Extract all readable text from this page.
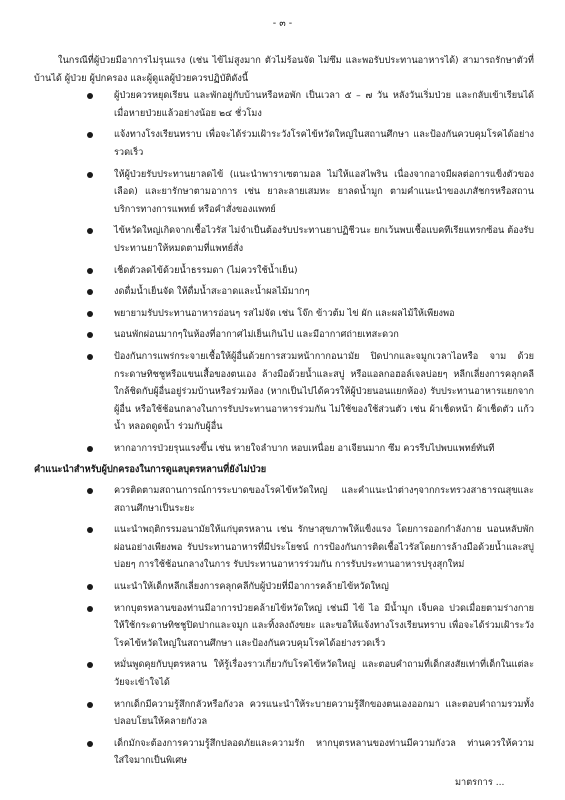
- ๓ -

ในกรณีที่ผู้ป่วยมีอาการไม่รุนแรง (เช่น ไข้ไม่สูงมาก ตัวไม่ร้อนจัด ไม่ซึม และพอรับประทานอาหารได้) สามารถรักษาตัวที่บ้านได้ ผู้ป่วย ผู้ปกครอง และผู้ดูแลผู้ป่วยควรปฏิบัติดังนี้

ผู้ป่วยควรหยุดเรียน และพักอยู่กับบ้านหรือหอพัก เป็นเวลา ๕ – ๗ วัน หลังวันเริ่มป่วย และกลับเข้าเรียนได้เมื่อหายป่วยแล้วอย่างน้อย ๒๔ ชั่วโมง
แจ้งทางโรงเรียนทราบ เพื่อจะได้ร่วมเฝ้าระวังโรคไข้หวัดใหญ่ในสถานศึกษา และป้องกันควบคุมโรคได้อย่างรวดเร็ว
ให้ผู้ป่วยรับประทานยาลดไข้ (แนะนำพาราเซตามอล ไม่ให้แอสไพริน เนื่องจากอาจมีผลต่อการแข็งตัวของเลือด) และยารักษาตามอาการ เช่น ยาละลายเสมหะ ยาลดน้ำมูก ตามคำแนะนำของเภสัชกรหรือสถานบริการทางการแพทย์ หรือคำสั่งของแพทย์
ไข้หวัดใหญ่เกิดจากเชื้อไวรัส ไม่จำเป็นต้องรับประทานยาปฏิชีวนะ ยกเว้นพบเชื้อแบคทีเรียแทรกซ้อน ต้องรับประทานยาให้หมดตามที่แพทย์สั่ง
เช็ดตัวลดไข้ด้วยน้ำธรรมดา (ไม่ควรใช้น้ำเย็น)
งดดื่มน้ำเย็นจัด ให้ดื่มน้ำสะอาดและน้ำผลไม้มากๆ
พยายามรับประทานอาหารอ่อนๆ รสไม่จัด เช่น โจ๊ก ข้าวต้ม ไข่ ผัก และผลไม้ให้เพียงพอ
นอนพักผ่อนมากๆในห้องที่อากาศไม่เย็นเกินไป และมีอากาศถ่ายเทสะดวก
ป้องกันการแพร่กระจายเชื้อให้ผู้อื่นด้วยการสวมหน้ากากอนามัย ปิดปากและจมูกเวลาไอหรือ จาม ด้วยกระดาษทิชชูหรือแขนเสื้อของตนเอง ล้างมือด้วยน้ำและสบู่ หรือแอลกอฮอล์เจลบ่อยๆ หลีกเลี่ยงการคลุกคลีใกล้ชิดกับผู้อื่นอยู่ร่วมบ้านหรือร่วมห้อง (หากเป็นไปได้ควรให้ผู้ป่วยนอนแยกห้อง) รับประทานอาหารแยกจากผู้อื่น หรือใช้ช้อนกลางในการรับประทานอาหารร่วมกัน ไม่ใช้ของใช้ส่วนตัว เช่น ผ้าเช็ดหน้า ผ้าเช็ดตัว แก้วน้ำ หลอดดูดน้ำ ร่วมกับผู้อื่น
หากอาการป่วยรุนแรงขึ้น เช่น หายใจลำบาก หอบเหนื่อย อาเจียนมาก ซึม ควรรีบไปพบแพทย์ทันที
คำแนะนำสำหรับผู้ปกครองในการดูแลบุตรหลานที่ยังไม่ป่วย
ควรติดตามสถานการณ์การระบาดของโรคไข้หวัดใหญ่ และคำแนะนำต่างๆจากกระทรวงสาธารณสุขและสถานศึกษาเป็นระยะ
แนะนำพฤติกรรมอนามัยให้แก่บุตรหลาน เช่น รักษาสุขภาพให้แข็งแรง โดยการออกกำลังกาย นอนหลับพักผ่อนอย่างเพียงพอ รับประทานอาหารที่มีประโยชน์ การป้องกันการติดเชื้อไวรัสโดยการล้างมือด้วยน้ำและสบู่บ่อยๆ การใช้ช้อนกลางในการ รับประทานอาหารร่วมกัน การรับประทานอาหารปรุงสุกใหม่
แนะนำให้เด็กหลีกเลี่ยงการคลุกคลีกับผู้ป่วยที่มีอาการคล้ายไข้หวัดใหญ่
หากบุตรหลานของท่านมีอาการป่วยคล้ายไข้หวัดใหญ่ เช่นมี ไข้ ไอ มีน้ำมูก เจ็บคอ ปวดเมื่อยตามร่างกาย ให้ใช้กระดาษทิชชูปิดปากและจมูก และทิ้งลงถังขยะ และขอให้แจ้งทางโรงเรียนทราบ เพื่อจะได้ร่วมเฝ้าระวังโรคไข้หวัดใหญ่ในสถานศึกษา และป้องกันควบคุมโรคได้อย่างรวดเร็ว
หมั่นพูดคุยกับบุตรหลาน ให้รู้เรื่องราวเกี่ยวกับโรคไข้หวัดใหญ่ และตอบคำถามที่เด็กสงสัยเท่าที่เด็กในแต่ละวัยจะเข้าใจได้
หากเด็กมีความรู้สึกกลัวหรือกังวล ควรแนะนำให้ระบายความรู้สึกของตนเองออกมา และตอบคำถามรวมทั้งปลอบโยนให้คลายกังวล
เด็กมักจะต้องการความรู้สึกปลอดภัยและความรัก หากบุตรหลานของท่านมีความกังวล ท่านควรให้ความใส่ใจมากเป็นพิเศษ
มาตรการ ...
